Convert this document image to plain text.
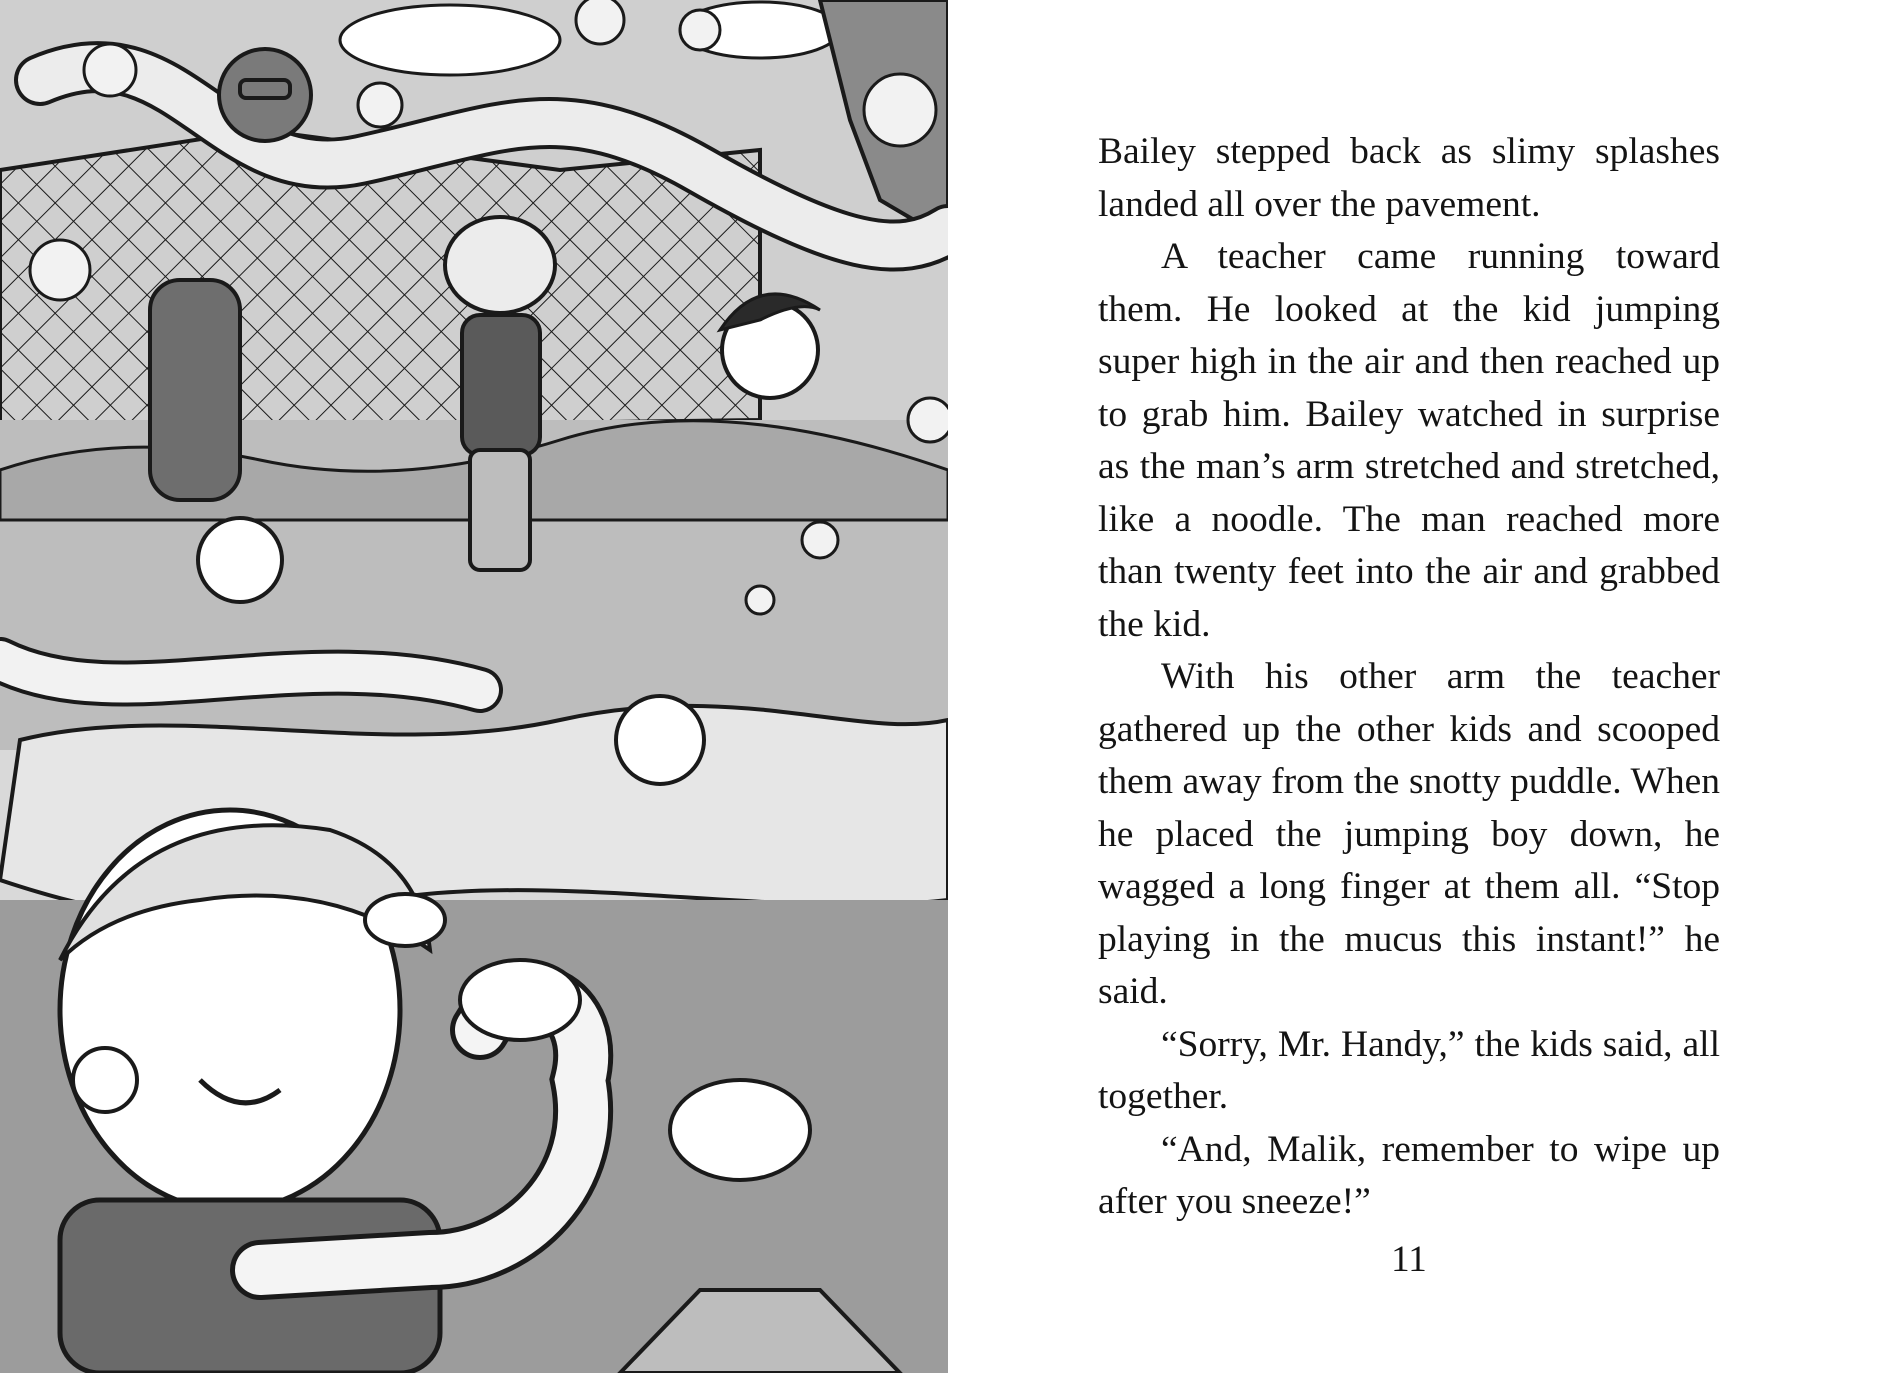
Bailey stepped back as slimy splashes landed all over the pavement.

A teacher came running toward them. He looked at the kid jumping super high in the air and then reached up to grab him. Bailey watched in surprise as the man’s arm stretched and stretched, like a noodle. The man reached more than twenty feet into the air and grabbed the kid.

With his other arm the teacher gathered up the other kids and scooped them away from the snotty puddle. When he placed the jumping boy down, he wagged a long finger at them all. “Stop playing in the mucus this instant!” he said.

“Sorry, Mr. Handy,” the kids said, all together.

“And, Malik, remember to wipe up after you sneeze!”

11
